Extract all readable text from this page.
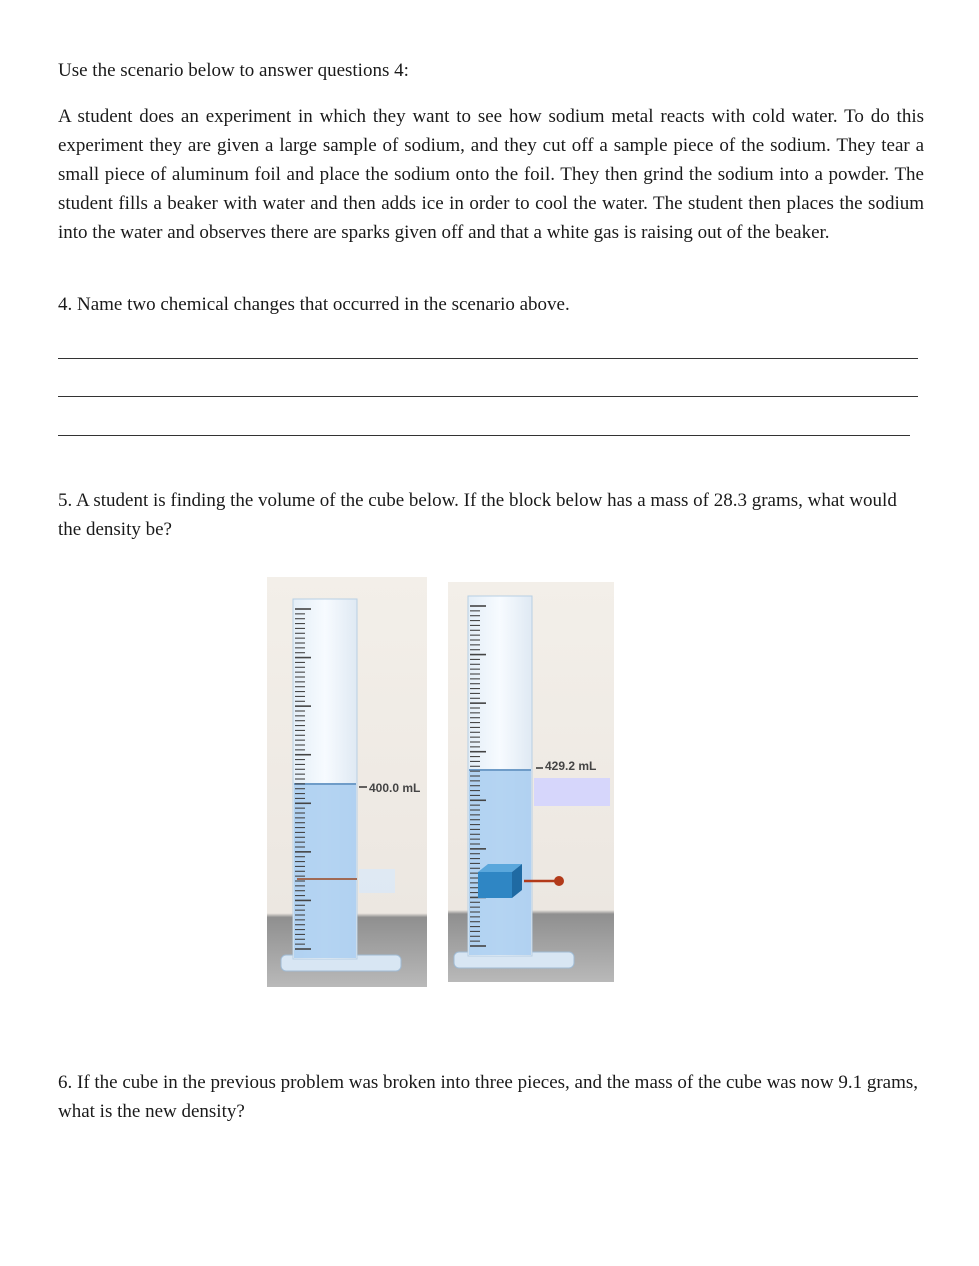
Use the scenario below to answer questions 4:

A student does an experiment in which they want to see how sodium metal reacts with cold water. To do this experiment they are given a large sample of sodium, and they cut off a sample piece of the sodium. They tear a small piece of aluminum foil and place the sodium onto the foil. They then grind the sodium into a powder. The student fills a beaker with water and then adds ice in order to cool the water. The student then places the sodium into the water and observes there are sparks given off and that a white gas is raising out of the beaker.

4. Name two chemical changes that occurred in the scenario above.

5. A student is finding the volume of the cube below. If the block below has a mass of 28.3 grams, what would the density be?

6. If the cube in the previous problem was broken into three pieces, and the mass of the cube was now 9.1 grams, what is the new density?

400.0 mL
429.2 mL
